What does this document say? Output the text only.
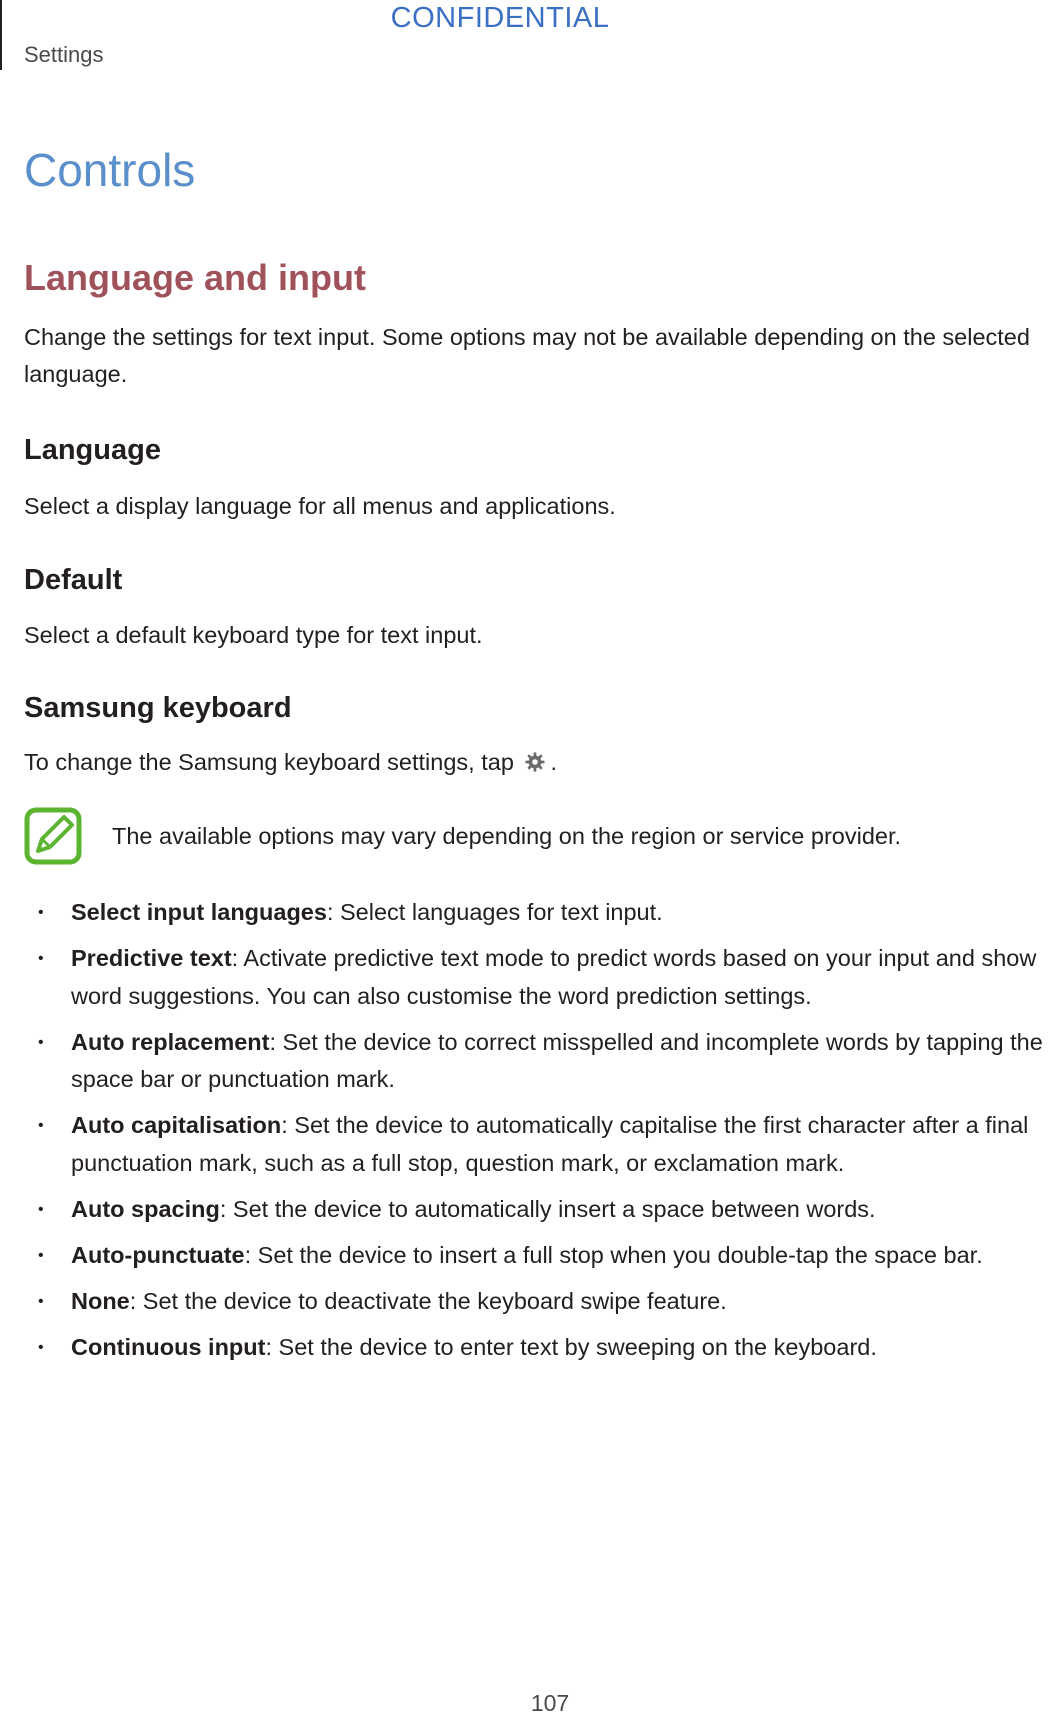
CONFIDENTIAL
Settings
Controls
Language and input
Change the settings for text input. Some options may not be available depending on the selected language.
Language
Select a display language for all menus and applications.
Default
Select a default keyboard type for text input.
Samsung keyboard
To change the Samsung keyboard settings, tap .
The available options may vary depending on the region or service provider.
• Select input languages: Select languages for text input.
• Predictive text: Activate predictive text mode to predict words based on your input and show word suggestions. You can also customise the word prediction settings.
• Auto replacement: Set the device to correct misspelled and incomplete words by tapping the space bar or punctuation mark.
• Auto capitalisation: Set the device to automatically capitalise the first character after a final punctuation mark, such as a full stop, question mark, or exclamation mark.
• Auto spacing: Set the device to automatically insert a space between words.
• Auto-punctuate: Set the device to insert a full stop when you double-tap the space bar.
• None: Set the device to deactivate the keyboard swipe feature.
• Continuous input: Set the device to enter text by sweeping on the keyboard.
107
